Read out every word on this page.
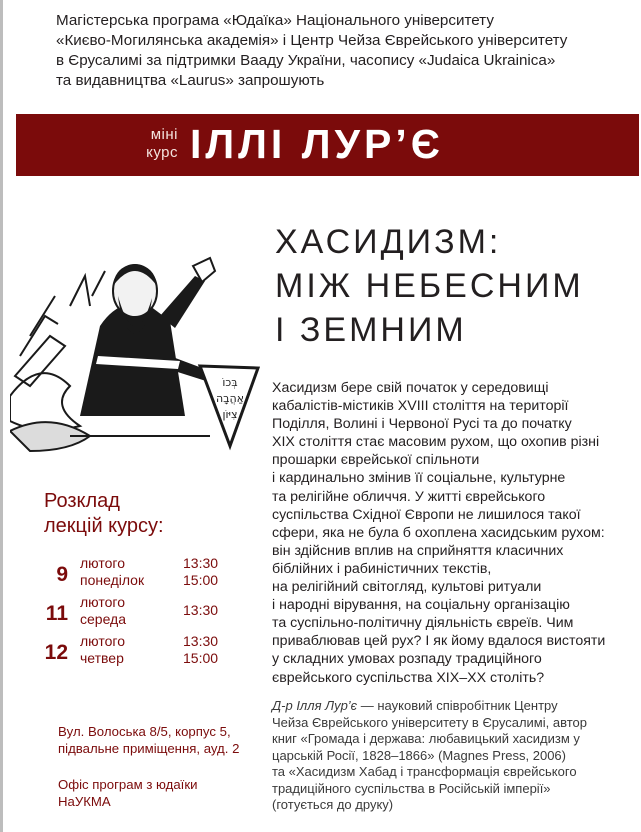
Магістерська програма «Юдаїка» Національного університету
«Києво-Могилянська академія» і Центр Чейза Єврейського університету
в Єрусалимі за підтримки Вааду України, часопису «Judaica Ukrainica»
та видавництва «Laurus» запрошують
міні
курс ІЛЛІ ЛУР’Є
ХАСИДИЗМ:
МІЖ НЕБЕСНИМ
І ЗЕМНИМ
בְּכוֹ
אַהֲבָה
צִיּוֹן
Хасидизм бере свій початок у середовищі
кабалістів-містиків XVIII століття на території
Поділля, Волині і Червоної Русі та до початку
XIX століття стає масовим рухом, що охопив різні
прошарки єврейської спільноти
і кардинально змінив її соціальне, культурне
та релігійне обличчя. У житті єврейського
суспільства Східної Європи не лишилося такої
сфери, яка не була б охоплена хасидським рухом:
він здійснив вплив на сприйняття класичних
біблійних і рабиністичних текстів,
на релігійний світогляд, культові ритуали
і народні вірування, на соціальну організацію
та суспільно-політичну діяльність євреїв. Чим
приваблював цей рух? І як йому вдалося вистояти
у складних умовах розпаду традиційного
єврейського суспільства XIX–XX століть?
Розклад
лекцій курсу:
9 лютого
понеділок
13:30
15:00
11 лютого
середа
13:30
12 лютого
четвер
13:30
15:00
Вул. Волоська 8/5, корпус 5,
підвальне приміщення, ауд. 2
Офіс програм з юдаїки
НаУКМА
Д-р Ілля Лур’є — науковий співробітник Центру
Чейза Єврейського університету в Єрусалимі, автор
книг «Громада і держава: любавицький хасидизм у
царській Росії, 1828–1866» (Magnes Press, 2006)
та «Хасидизм Хабад і трансформація єврейського
традиційного суспільства в Російській імперії»
(готується до друку)
